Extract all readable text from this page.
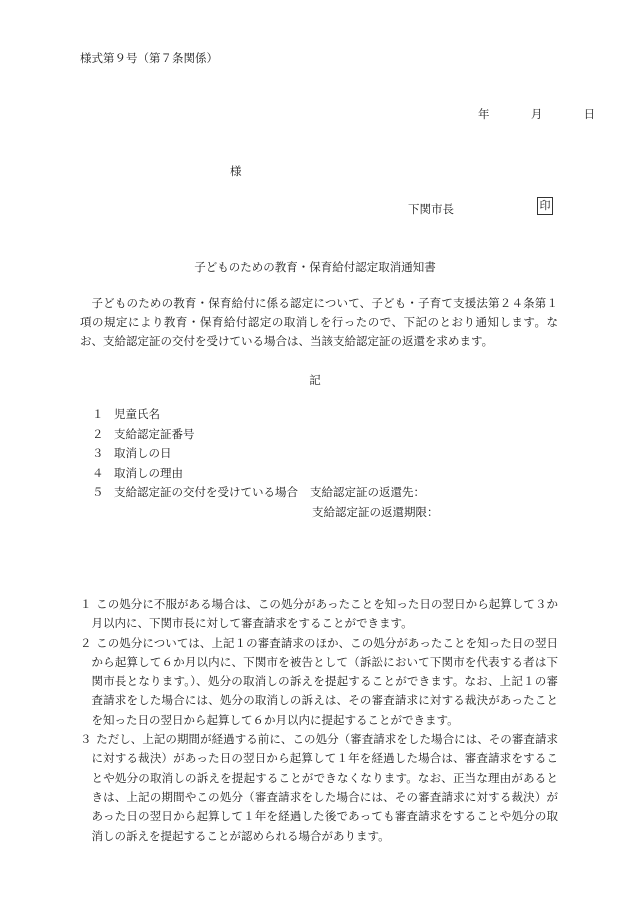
様式第９号（第７条関係）
年	月	日
様
下関市長	印
子どものための教育・保育給付認定取消通知書
子どものための教育・保育給付に係る認定について、子ども・子育て支援法第２４条第１項の規定により教育・保育給付認定の取消しを行ったので、下記のとおり通知します。なお、支給認定証の交付を受けている場合は、当該支給認定証の返還を求めます。
記
１ 児童氏名
２ 支給認定証番号
３ 取消しの日
４ 取消しの理由
５ 支給認定証の交付を受けている場合 支給認定証の返還先：
支給認定証の返還期限：
１ この処分に不服がある場合は、この処分があったことを知った日の翌日から起算して３か月以内に、下関市長に対して審査請求をすることができます。
２ この処分については、上記１の審査請求のほか、この処分があったことを知った日の翌日から起算して６か月以内に、下関市を被告として（訴訟において下関市を代表する者は下関市長となります。）、処分の取消しの訴えを提起することができます。なお、上記１の審査請求をした場合には、処分の取消しの訴えは、その審査請求に対する裁決があったことを知った日の翌日から起算して６か月以内に提起することができます。
３ ただし、上記の期間が経過する前に、この処分（審査請求をした場合には、その審査請求に対する裁決）があった日の翌日から起算して１年を経過した場合は、審査請求をすることや処分の取消しの訴えを提起することができなくなります。なお、正当な理由があるときは、上記の期間やこの処分（審査請求をした場合には、その審査請求に対する裁決）があった日の翌日から起算して１年を経過した後であっても審査請求をすることや処分の取消しの訴えを提起することが認められる場合があります。
